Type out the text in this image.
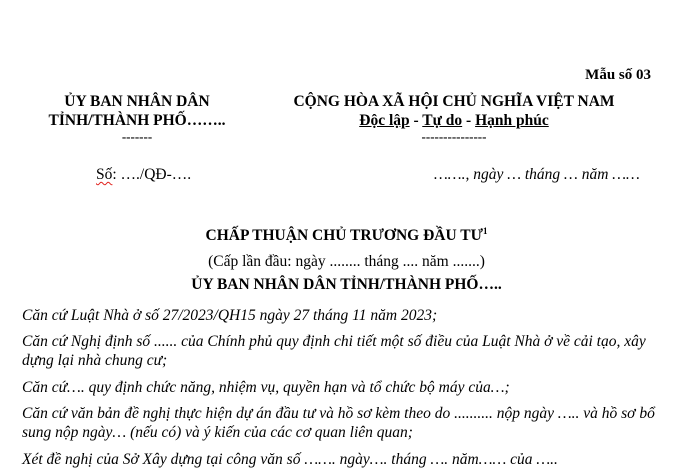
Mẫu số 03
ỦY BAN NHÂN DÂN
TỈNH/THÀNH PHỐ……..
-------
CỘNG HÒA XÃ HỘI CHỦ NGHĨA VIỆT NAM
Độc lập - Tự do - Hạnh phúc
---------------
Số: …./QĐ-….	……., ngày … tháng … năm ……
CHẤP THUẬN CHỦ TRƯƠNG ĐẦU $TƯ^1$
(Cấp lần đầu: ngày ........ tháng .... năm .......)
ỦY BAN NHÂN DÂN TỈNH/THÀNH PHỐ…..
Căn cứ Luật Nhà ở số 27/2023/QH15 ngày 27 tháng 11 năm 2023;
Căn cứ Nghị định số ...... của Chính phủ quy định chi tiết một số điều của Luật Nhà ở về cải tạo, xây dựng lại nhà chung cư;
Căn cứ…. quy định chức năng, nhiệm vụ, quyền hạn và tổ chức bộ máy của…;
Căn cứ văn bản đề nghị thực hiện dự án đầu tư và hồ sơ kèm theo do .......... nộp ngày ….. và hồ sơ bổ sung nộp ngày… (nếu có) và ý kiến của các cơ quan liên quan;
Xét đề nghị của Sở Xây dựng tại công văn số ……. ngày…. tháng …. năm…… của …..
